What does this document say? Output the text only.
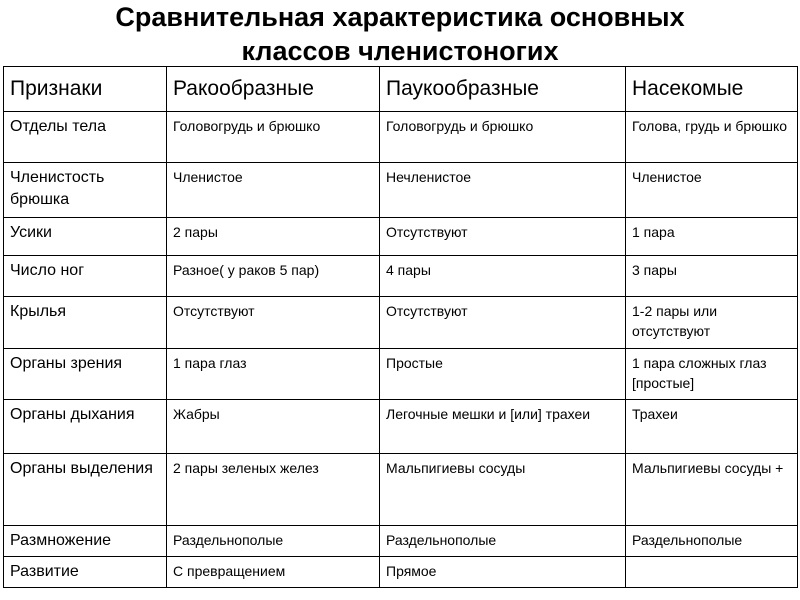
Сравнительная характеристика основных
классов членистоногих
Признаки	Ракообразные	Паукообразные	Насекомые
Отделы тела	Головогрудь и брюшко	Головогрудь и брюшко	Голова, грудь и брюшко
Членистость брюшка	Членистое	Нечленистое	Членистое
Усики	2 пары	Отсутствуют	1 пара
Число ног	Разное( у раков 5 пар)	4 пары	3 пары
Крылья	Отсутствуют	Отсутствуют	1-2 пары или отсутствуют
Органы зрения	1 пара глаз	Простые	1 пара сложных глаз [простые]
Органы дыхания	Жабры	Легочные мешки и [или] трахеи	Трахеи
Органы выделения	2 пары зеленых желез	Мальпигиевы сосуды	Мальпигиевы сосуды +
Размножение	Раздельнополые	Раздельнополые	Раздельнополые
Развитие	С превращением	Прямое	
